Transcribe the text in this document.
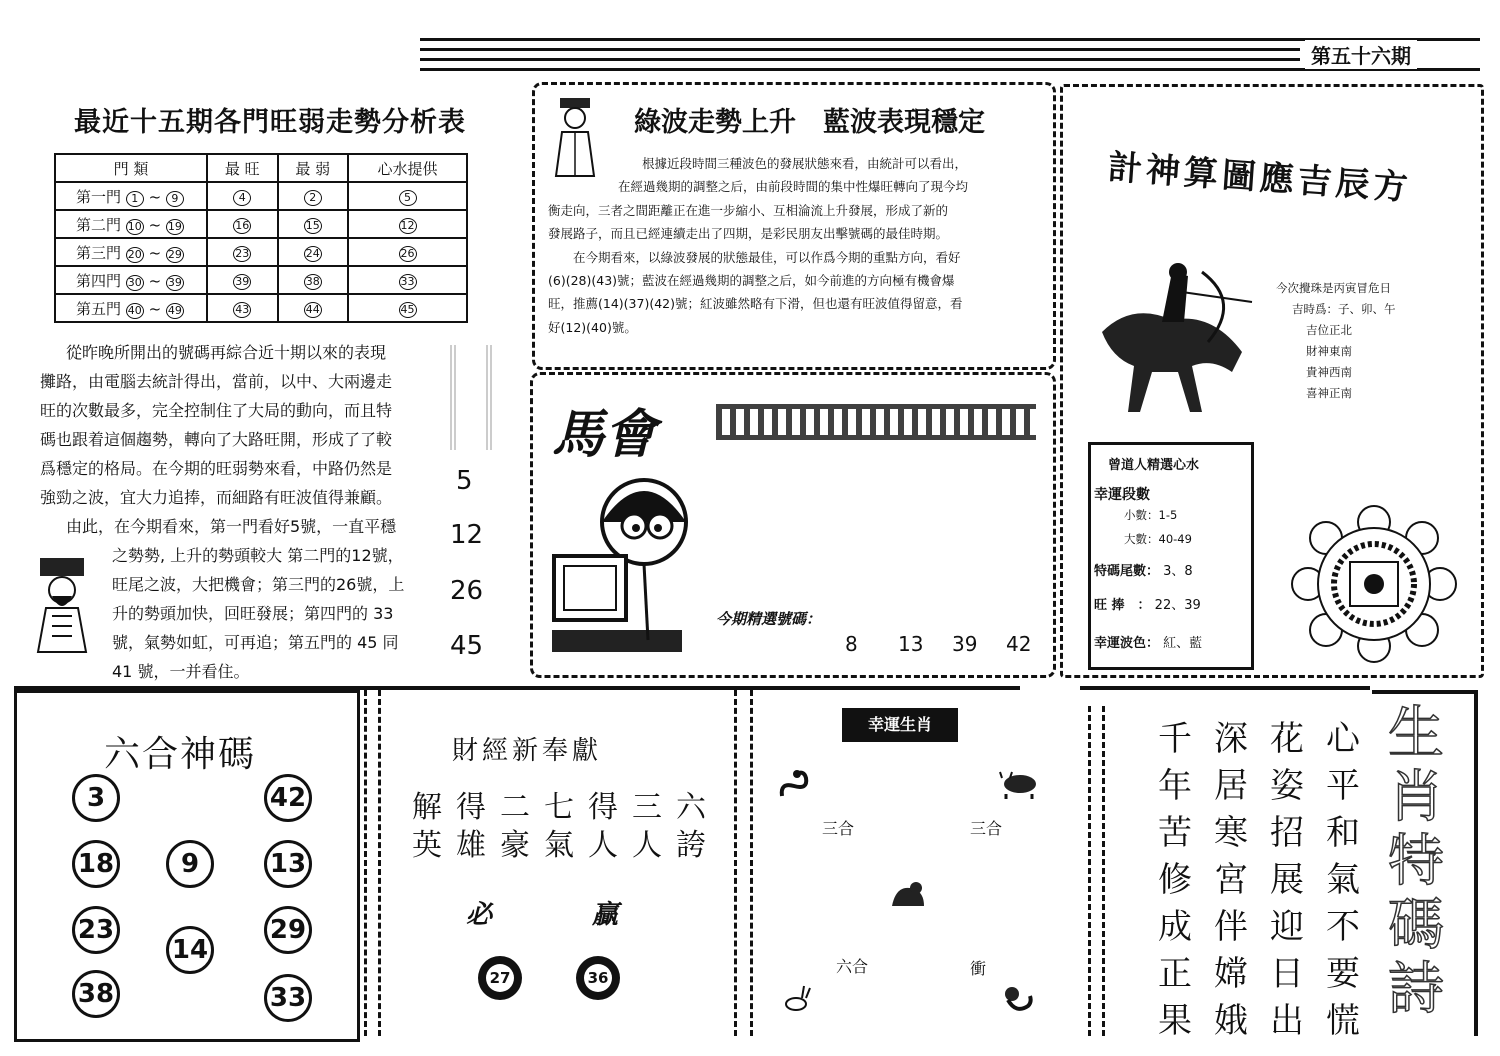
第五十六期
最近十五期各門旺弱走勢分析表
門 類	最 旺	最 弱	心水提供
第一門 1 ~ 9	4	2	5
第二門 10 ~ 19	16	15	12
第三門 20 ~ 29	23	24	26
第四門 30 ~ 39	39	38	33
第五門 40 ~ 49	43	44	45
從昨晚所開出的號碼再綜合近十期以來的表現
攤路，由電腦去統計得出，當前，以中、大兩邊走
旺的次數最多，完全控制住了大局的動向，而且特
碼也跟着這個趨勢，轉向了大路旺開，形成了了較
爲穩定的格局。在今期的旺弱勢來看，中路仍然是
強勁之波，宜大力追捧，而細路有旺波值得兼顧。
由此，在今期看來，第一門看好5號，一直平穩
之勢勢, 上升的勢頭較大 第二門的12號，
旺尾之波，大把機會；第三門的26號，上
升的勢頭加快，回旺發展；第四門的 33
號，氣勢如虹，可再追；第五門的 45 同
41 號，一并看住。
5
12
26
45
綠波走勢上升　藍波表現穩定
根據近段時間三種波色的發展狀態來看，由統計可以看出，
在經過幾期的調整之后，由前段時間的集中性爆旺轉向了現今均
衡走向，三者之間距離正在進一步縮小、互相淪流上升發展，形成了新的
發展路子，而且已經連續走出了四期，是彩民朋友出擊號碼的最佳時期。
　　在今期看來，以綠波發展的狀態最佳，可以作爲今期的重點方向，看好
(6)(28)(43)號；藍波在經過幾期的調整之后，如今前進的方向極有機會爆
旺，推薦(14)(37)(42)號；紅波雖然略有下滑，但也還有旺波值得留意，看
好(12)(40)號。
馬會
今期精選號碼：
8 13 39 42
計神算圖應吉辰方
今次攪珠是丙寅冒危日
吉時爲：子、卯、午
吉位正北
財神東南
貴神西南
喜神正南
曾道人精選心水
幸運段數
小數：1-5
大數：40-49
特碼尾數： 3、8
旺 捧　： 22、39
幸運波色： 紅、藍
六合神碼
3	42
18	9	13
23
14
29
38	33
財經新奉獻
解得二七得三六
英雄豪氣人人誇
必	贏
27	36
幸運生肖
三合	三合
六合	衝
千年苦修成正果
深居寒宮伴嫦娥
花姿招展迎日出
心平和氣不要慌
生肖特碼詩
